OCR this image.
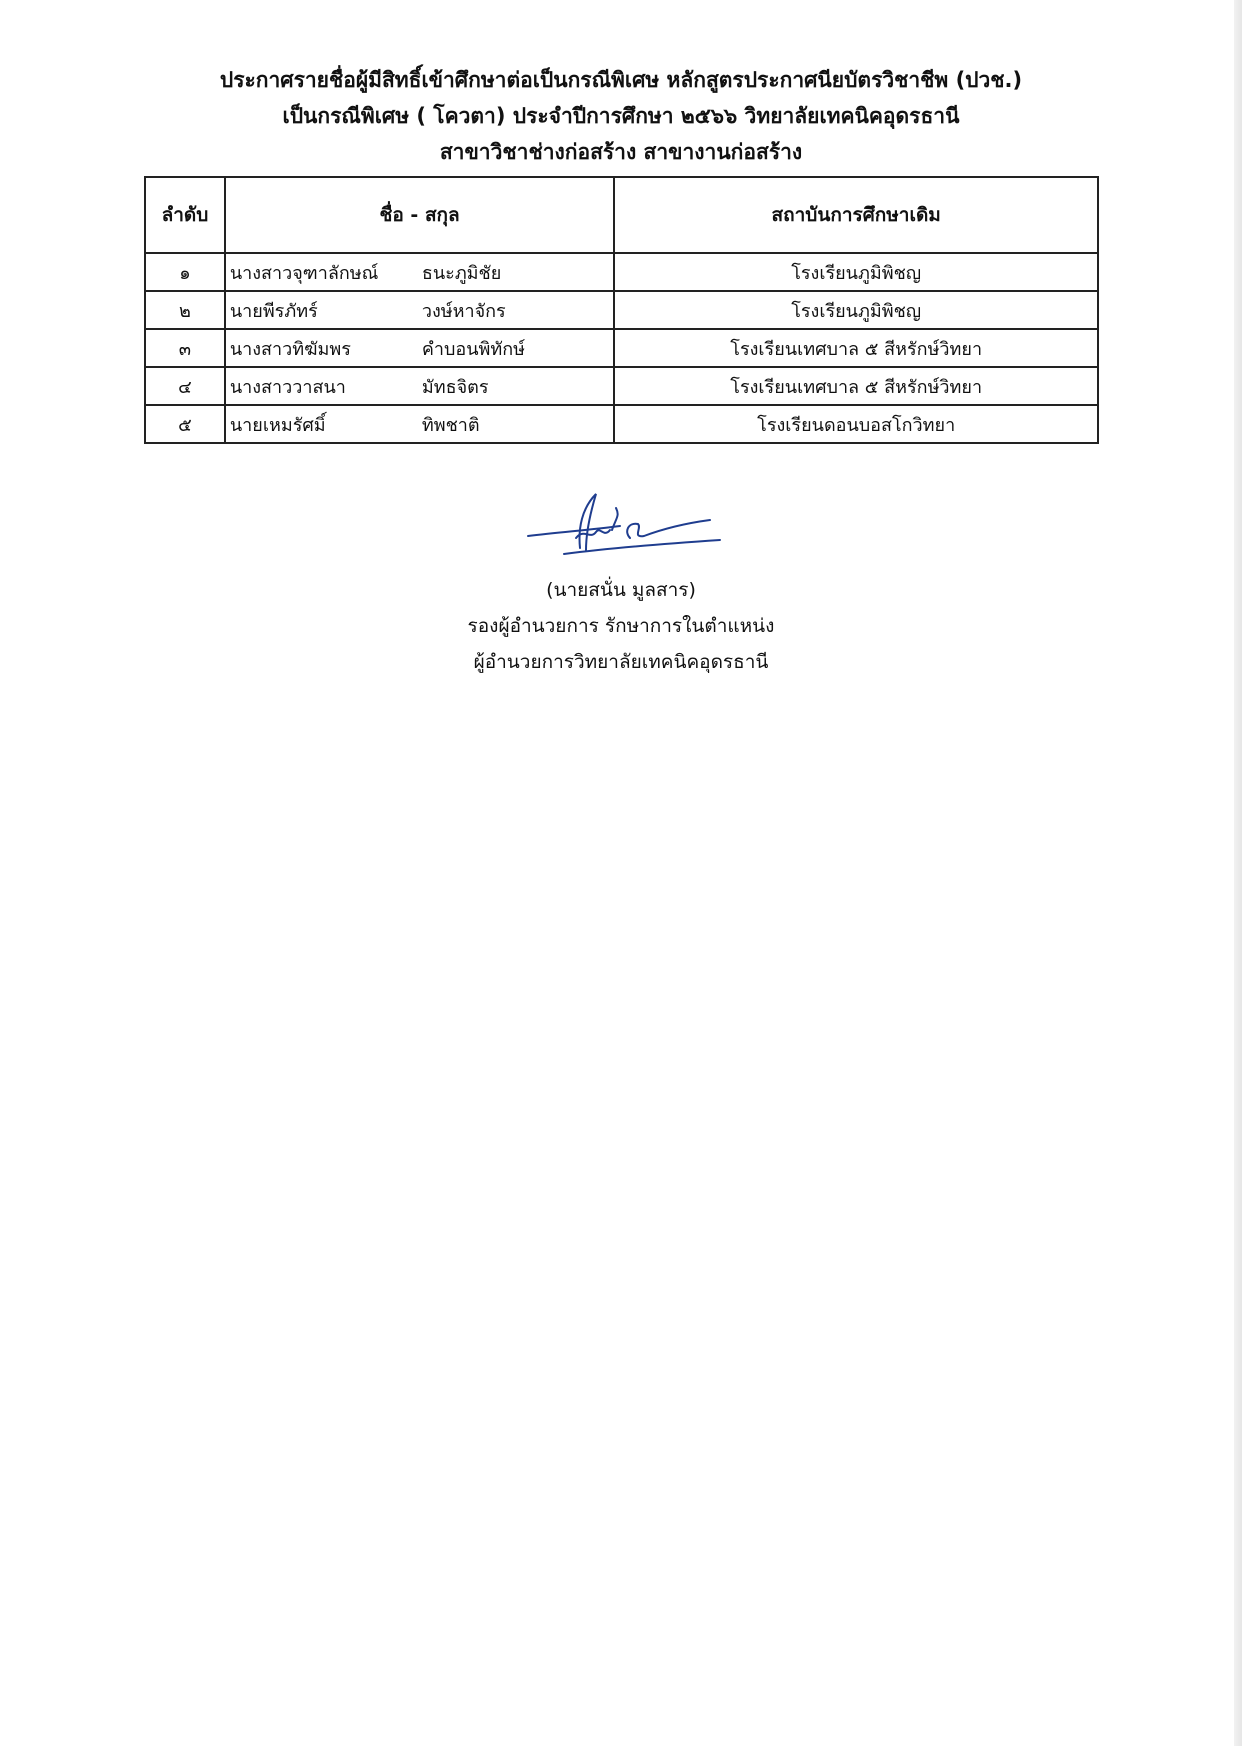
ประกาศรายชื่อผู้มีสิทธิ์เข้าศึกษาต่อเป็นกรณีพิเศษ หลักสูตรประกาศนียบัตรวิชาชีพ (ปวช.)
เป็นกรณีพิเศษ ( โควตา) ประจำปีการศึกษา ๒๕๖๖ วิทยาลัยเทคนิคอุดรธานี
สาขาวิชาช่างก่อสร้าง สาขางานก่อสร้าง
ลำดับ	ชื่อ - สกุล	สถาบันการศึกษาเดิม
๑	นางสาวจุฑาลักษณ์ ธนะภูมิชัย	โรงเรียนภูมิพิชญ
๒	นายพีรภัทร์ วงษ์หาจักร	โรงเรียนภูมิพิชญ
๓	นางสาวทิฆัมพร คำบอนพิทักษ์	โรงเรียนเทศบาล ๕ สีหรักษ์วิทยา
๔	นางสาววาสนา มัทธจิตร	โรงเรียนเทศบาล ๕ สีหรักษ์วิทยา
๕	นายเหมรัศมิ์ ทิพชาติ	โรงเรียนดอนบอสโกวิทยา
(นายสนั่น มูลสาร)
รองผู้อำนวยการ รักษาการในตำแหน่ง
ผู้อำนวยการวิทยาลัยเทคนิคอุดรธานี
